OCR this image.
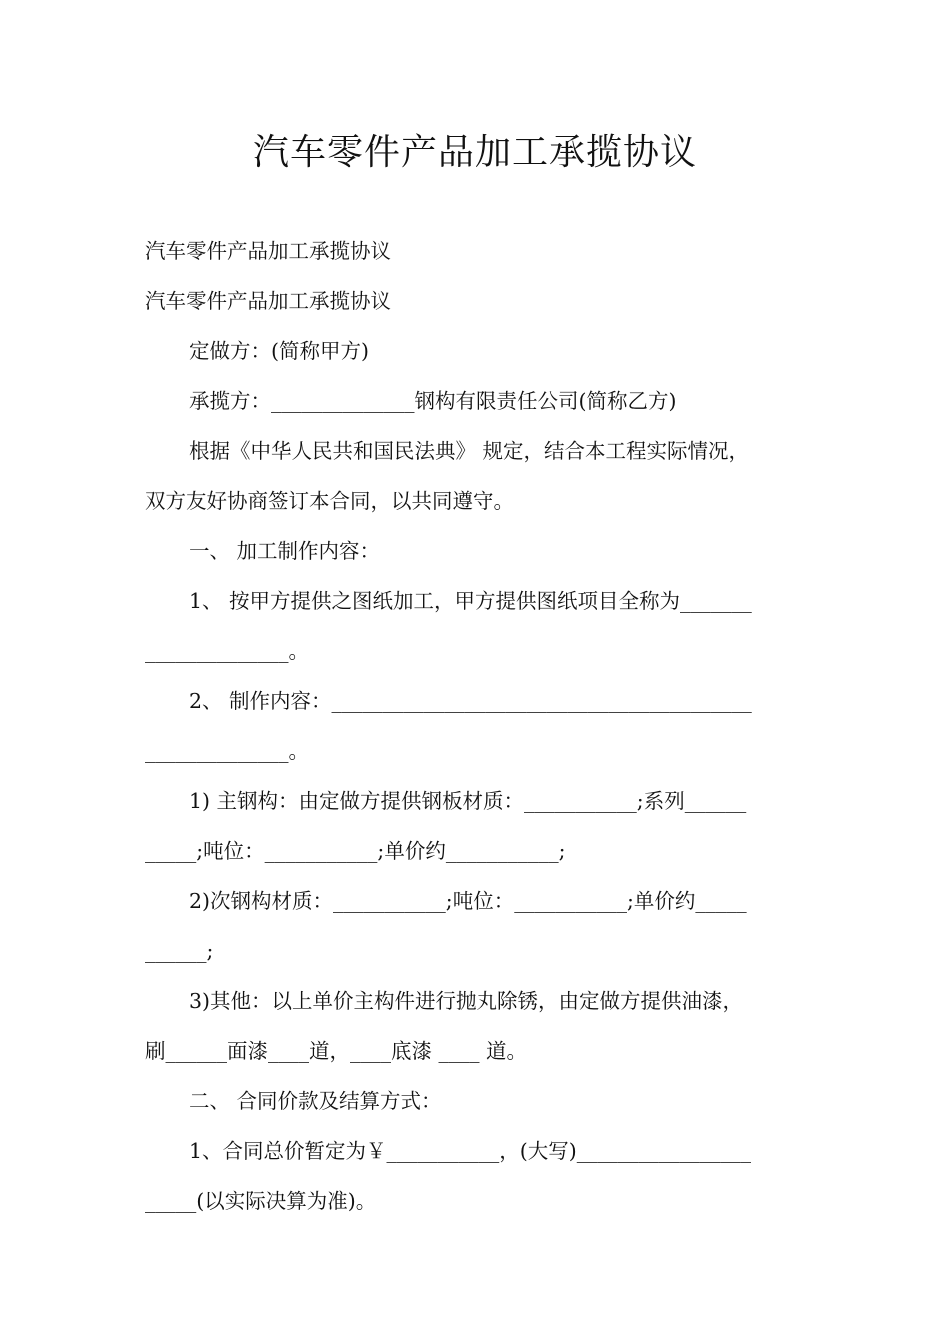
汽车零件产品加工承揽协议
汽车零件产品加工承揽协议
汽车零件产品加工承揽协议
定做方：(简称甲方)
承揽方：______________钢构有限责任公司(简称乙方)
根据《中华人民共和国民法典》 规定，结合本工程实际情况，
双方友好协商签订本合同，以共同遵守。
一、 加工制作内容：
1、 按甲方提供之图纸加工，甲方提供图纸项目全称为_______
______________。
2、 制作内容：_________________________________________
______________。
1) 主钢构：由定做方提供钢板材质：___________;系列______
_____;吨位：___________;单价约___________;
2)次钢构材质：___________;吨位：___________;单价约_____
______;
3)其他：以上单价主构件进行抛丸除锈，由定做方提供油漆，
刷______面漆____道，____底漆 ____ 道。
二、 合同价款及结算方式：
1、合同总价暂定为￥___________，(大写)_________________
_____(以实际决算为准)。
